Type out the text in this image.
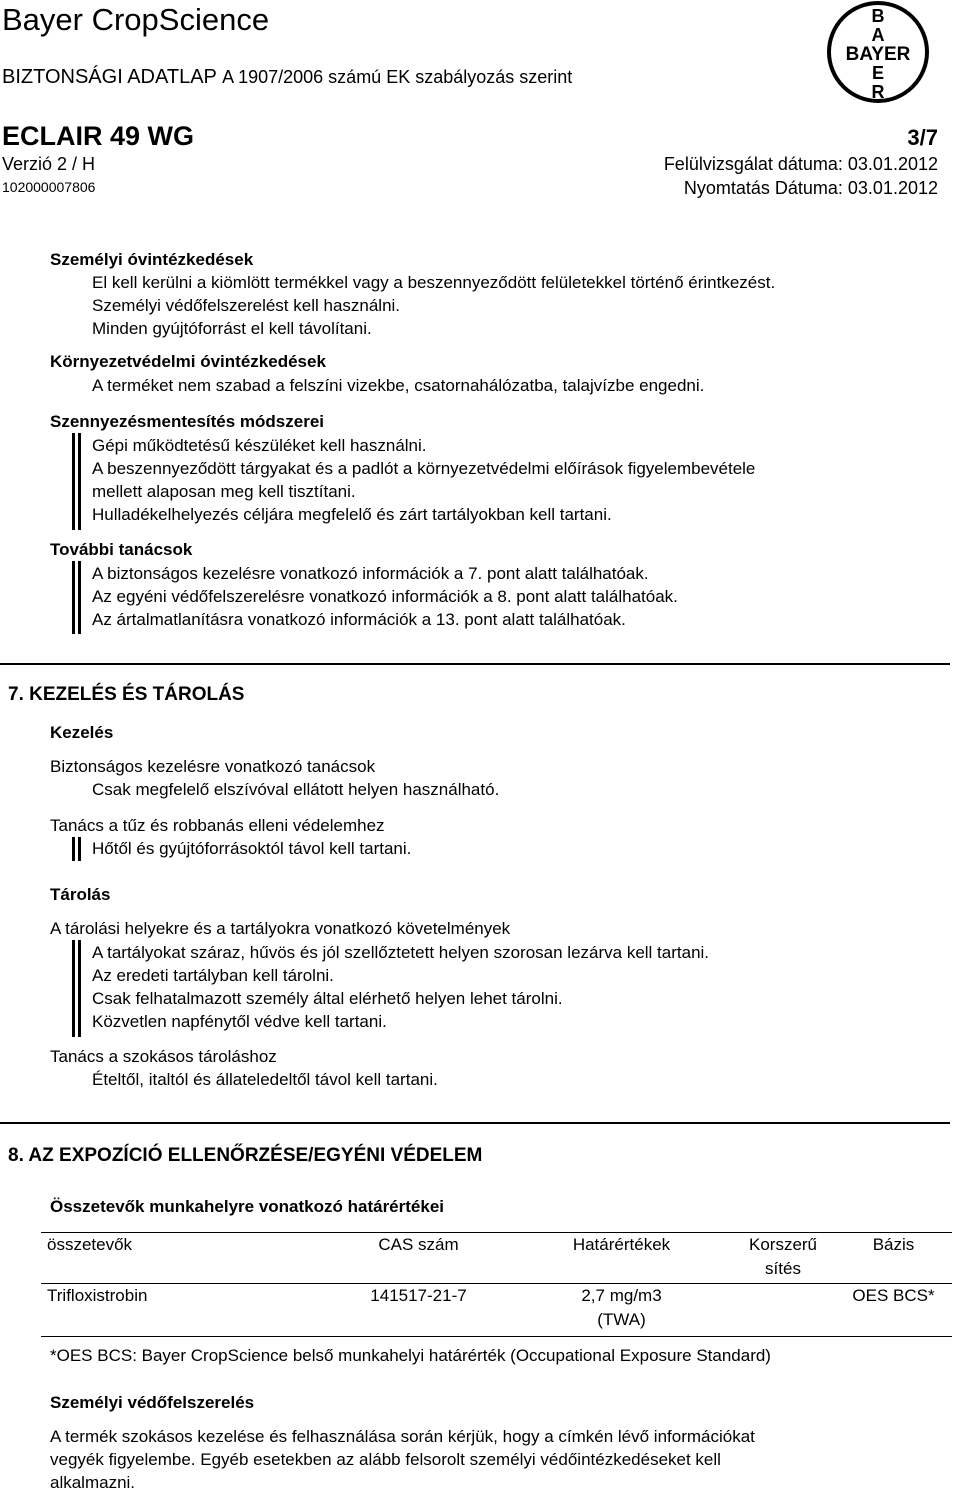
Bayer CropScience
BIZTONSÁGI ADATLAP A 1907/2006 számú EK szabályozás szerint
B
A
BAYER
E
R
ECLAIR 49 WG	3/7
Verzió 2 / H	Felülvizsgálat dátuma: 03.01.2012
102000007806	Nyomtatás Dátuma: 03.01.2012
Személyi óvintézkedések
El kell kerülni a kiömlött termékkel vagy a beszennyeződött felületekkel történő érintkezést.
Személyi védőfelszerelést kell használni.
Minden gyújtóforrást el kell távolítani.
Környezetvédelmi óvintézkedések
A terméket nem szabad a felszíni vizekbe, csatornahálózatba, talajvízbe engedni.
Szennyezésmentesítés módszerei
Gépi működtetésű készüléket kell használni.
A beszennyeződött tárgyakat és a padlót a környezetvédelmi előírások figyelembevétele
mellett alaposan meg kell tisztítani.
Hulladékelhelyezés céljára megfelelő és zárt tartályokban kell tartani.
További tanácsok
A biztonságos kezelésre vonatkozó információk a 7. pont alatt találhatóak.
Az egyéni védőfelszerelésre vonatkozó információk a 8. pont alatt találhatóak.
Az ártalmatlanításra vonatkozó információk a 13. pont alatt találhatóak.
7. KEZELÉS ÉS TÁROLÁS
Kezelés
Biztonságos kezelésre vonatkozó tanácsok
Csak megfelelő elszívóval ellátott helyen használható.
Tanács a tűz és robbanás elleni védelemhez
Hőtől és gyújtóforrásoktól távol kell tartani.
Tárolás
A tárolási helyekre és a tartályokra vonatkozó követelmények
A tartályokat száraz, hűvös és jól szellőztetett helyen szorosan lezárva kell tartani.
Az eredeti tartályban kell tárolni.
Csak felhatalmazott személy által elérhető helyen lehet tárolni.
Közvetlen napfénytől védve kell tartani.
Tanács a szokásos tároláshoz
Ételtől, italtól és állateledeltől távol kell tartani.
8. AZ EXPOZÍCIÓ ELLENŐRZÉSE/EGYÉNI VÉDELEM
Összetevők munkahelyre vonatkozó határértékei
összetevők	CAS szám	Határértékek	Korszerű sítés	Bázis
Trifloxistrobin	141517-21-7	2,7 mg/m3 (TWA)		OES BCS*
*OES BCS: Bayer CropScience belső munkahelyi határérték (Occupational Exposure Standard)
Személyi védőfelszerelés
A termék szokásos kezelése és felhasználása során kérjük, hogy a címkén lévő információkat
vegyék figyelembe. Egyéb esetekben az alább felsorolt személyi védőintézkedéseket kell
alkalmazni.
